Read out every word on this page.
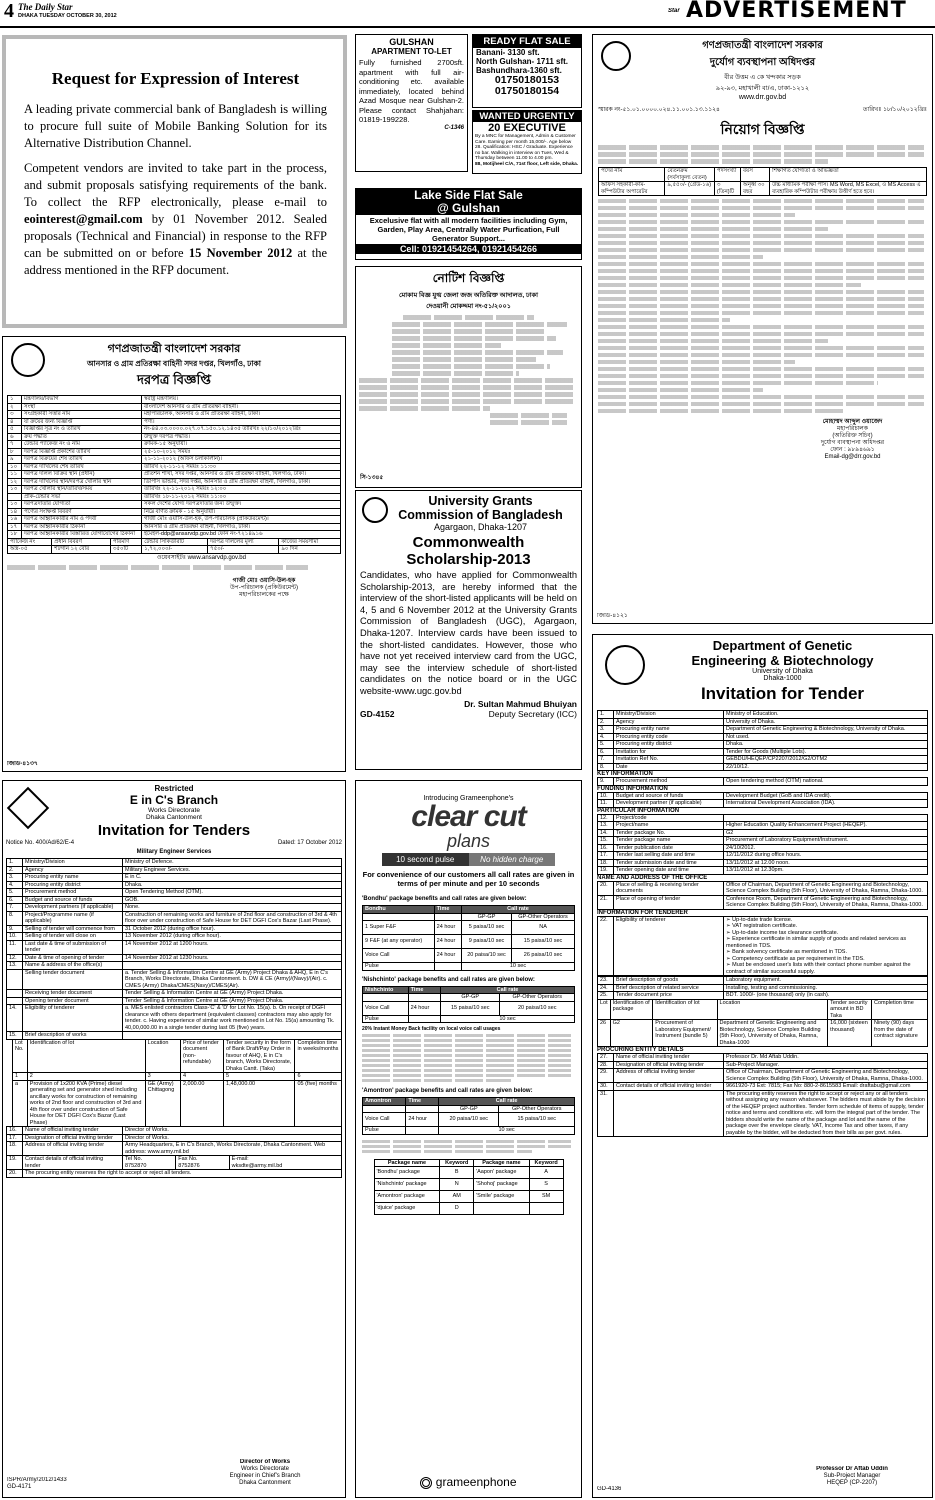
4 The Daily Star
DHAKA TUESDAY OCTOBER 30, 2012
Star ADVERTISEMENT
Request for Expression of Interest

A leading private commercial bank of Bangladesh is willing to procure full suite of Mobile Banking Solution for its Alternative Distribution Channel.

Competent vendors are invited to take part in the process, and submit proposals satisfying requirements of the bank. To collect the RFP electronically, please e-mail to eointerest@gmail.com by 01 November 2012. Sealed proposals (Technical and Financial) in response to the RFP can be submitted on or before 15 November 2012 at the address mentioned in the RFP document.

GULSHAN
APARTMENT TO-LET
Fully furnished 2700sft. apartment with full air-conditioning etc. available immediately, located behind Azad Mosque near Gulshan-2. Please contact Shahjahan: 01819-199228.
C-1346
READY FLAT SALE
Banani- 3130 sft.
North Gulshan- 1711 sft.
Bashundhara-1360 sft.
01750180153
01750180154
WANTED URGENTLY
20 EXECUTIVE
By a MNC for Management, Admin & Customer Care. Earning per month 15,000/-. Age below 28. Qualification: HSC / Graduate. Experience no bar. Walking in interview on Tues, Wed & Thursday between 11.00 to 4.00 pm.
88, Motijheel C/A, 71st floor, Left side, Dhaka.
Lake Side Flat Sale
@ Gulshan
Excelusive flat with all modern facilities including Gym, Garden, Play Area, Centrally Water Purfication, Full Generator Support...
Cell: 01921454264, 01921454266
নোটিশ বিজ্ঞপ্তি
মোকাম বিজ্ঞ যুগ্ম জেলা জজ অতিরিক্ত আদালত, ঢাকা
দেওয়ানী মোকদ্দমা নং-৫১/২০০১
সি-১৩৪৫
University Grants
Commission of Bangladesh
Agargaon, Dhaka-1207
Commonwealth
Scholarship-2013
Candidates, who have applied for Commonwealth Scholarship-2013, are hereby informed that the interview of the short-listed applicants will be held on 4, 5 and 6 November 2012 at the University Grants Commission of Bangladesh (UGC), Agargaon, Dhaka-1207. Interview cards have been issued to the short-listed candidates. However, those who have not yet received interview card from the UGC, may see the interview schedule of short-listed candidates on the notice board or in the UGC website-www.ugc.gov.bd
Dr. Sultan Mahmud Bhuiyan
GD-4152	Deputy Secretary (ICC)
গণপ্রজাতন্ত্রী বাংলাদেশ সরকার
আনসার ও গ্রাম প্রতিরক্ষা বাহিনী সদর দপ্তর, খিলগাঁও, ঢাকা
দরপত্র বিজ্ঞপ্তি
১	মন্ত্রণালয়/বিভাগ	স্বরাষ্ট্র মন্ত্রণালয়।
২	সংস্থা	বাংলাদেশ আনসার ও গ্রাম প্রতিরক্ষা বাহিনী।
৩	সংগ্রহকারী সত্তার নাম	মহাপরিচালক, আনসার ও গ্রাম প্রতিরক্ষা বাহিনী, ঢাকা।
৪	যা ক্রয়ের জন্য বিজ্ঞপ্তি	পণ্য।
৫	বিজ্ঞপ্তির সূত্র নং ও তারিখ	নং-৪৪.০৩.০০০০.০২৭.০৭.১৫০.১২.১৪৩৫ তারিখঃ ২২/১০/২০১২খ্রিঃ
৬	ক্রয় পদ্ধতি	উন্মুক্ত দরপত্র পদ্ধতি।
৭	টেন্ডার প্যাকেজ নং ও নাম	ক্রমিক-১৫ অনুযায়ী।
৮	দরপত্র বিজ্ঞপ্তি প্রকাশের তারিখ	২৫-১০-২০১২ সময়ঃ
৯	দরপত্র বিক্রয়ের শেষ তারিখ	২১-১১-২০১২ (অফিস চলাকালীন)।
১০	দরপত্র দাখিলের শেষ তারিখ	তারিখ ২২-১১-১২ সময়ঃ ১১:৩০
১১	দরপত্র দলিল বিক্রির স্থান (প্রধান)	প্রতিশন শাখা, সদর দপ্তর, আনসার ও গ্রাম প্রতিরক্ষা বাহিনী, খিলগাঁও, ঢাকা।
১২	দরপত্র দাখিলের স্থান/দরপত্র খোলার স্থান	ডিপিসি ভান্ডার, সদর দপ্তর, আনসার ও গ্রাম প্রতিরক্ষা বাহিনী, খিলগাঁও, ঢাকা।
১৩	দরপত্র খোলার স্থান/তারিখ/সময়	তারিখঃ ২২-১১-২০১২ সময়ঃ ১২:০০
	প্রাক-টেন্ডার সভা	তারিখঃ ১৮-১১-২০১২ সময়ঃ ১১:০০
১৩	দরপত্রদাতার যোগ্যতা	সকল দেশের যোগ্য দরপত্রদাতার জন্য উন্মুক্ত।
১৪	পণ্যের সংক্ষিপ্ত বিবরণ	নিম্নে বর্ণিত ক্রমিক - ১৫ অনুযায়ী।
১৬	দরপত্র আহ্বানকারীর নাম ও পদবী	গাজী মোঃ ওয়াসি-উল-হক, উপ-পরিচালক (প্রকিউরমেন্ট)।
১৭	দরপত্র আহ্বানকারীর ঠিকানা	আনসার ও গ্রাম প্রতিরক্ষা বাহিনী, খিলগাঁও, ঢাকা।
১৮	দরপত্র আহ্বানকারীর বিস্তারিত যোগাযোগের ঠিকানা	ইমেইল-ddp@ansarvdp.gov.bd ফোন নং-৭২১৪৯১৬
প্যাকেজ নং	প্রধান বিবরণ	পরিমাণ	টেন্ডার সিকিউরিটি	দরপত্র দলিলের মূল্য	কাজের সময়সীমা
অস্ত্র-০৫	শটগান ১২ বোর	৩৫০টি	১,৭২,০০০/-	৭৫০/-	৯০ দিন
ওয়েবসাইটঃ www.ansarvdp.gov.bd
গাজী মোঃ ওয়াসি-উল-হক
উপ-পরিচালক (প্রকিউরমেন্ট)
মহাপরিচালকের পক্ষে
জিডি-৪১৩৭
Restricted
E in C's Branch
Works Directorate
Dhaka Cantonment
Invitation for Tenders
Notice No. 400/Ad/62/E-4	Dated: 17 October 2012
Military Engineer Services
1.	Ministry/Division	Ministry of Defence.
2.	Agency	Military Engineer Services.
3.	Procuring entity name	E in C.
4.	Procuring entity district	Dhaka.
5.	Procurement method	Open Tendering Method (OTM).
6.	Budget and source of funds	GOB.
7.	Development partners (if applicable)	None.
8.	Project/Programme name (if applicable)	Construction of remaining works and furniture of 2nd floor and construction of 3rd & 4th floor over under construction of Safe House for DET DGFI Cox's Bazar (Last Phase).
9.	Selling of tender will commence from	31 October 2012 (during office hour).
10.	Selling of tender will close on	13 November 2012 (during office hour).
11.	Last date & time of submission of tender	14 November 2012 at 1200 hours.
12.	Date & time of opening of tender	14 November 2012 at 1230 hours.
13.	Name & address of the office(s)	
	Selling tender document	a. Tender Selling & Information Centre at GE (Army) Project Dhaka & AHQ, E in C's Branch, Works Directorate, Dhaka Cantonment. b. DW & CE (Army)/(Navy)/(Air). c. CMES (Army) Dhaka/CMES(Navy)/CMES(Air).
	Receiving tender document	Tender Selling & Information Centre at GE (Army) Project Dhaka.
	Opening tender document	Tender Selling & Information Centre at GE (Army) Project Dhaka.
14.	Eligibility of tenderer	a. MES enlisted contractors Class-'C' & 'D' for Lot No. 15(a). b. On receipt of DGFI clearance with others department (equivalent classes) contractors may also apply for tender. c. Having experience of similar work mentioned in Lot No. 15(a) amounting Tk. 40,00,000.00 in a single tender during last 05 (five) years.
15.	Brief description of works	
Lot No.	Identification of lot	Location	Price of tender document (non-refundable)	Tender security in the form of Bank Draft/Pay Order in favour of AHQ, E in C's branch, Works Directorate, Dhaka Cantt. (Taka)	Completion time in weeks/months
1	2	3	4	5	6
a	Provision of 1x200 KVA (Prime) diesel generating set and generator shed including ancillary works for construction of remaining works of 2nd floor and construction of 3rd and 4th floor over under construction of Safe House for DET DGFI Cox's Bazar (Last Phase)	GE (Army) Chittagong	2,000.00	1,48,000.00	05 (five) months
16.	Name of official inviting tender	Director of Works.
17.	Designation of official inviting tender	Director of Works.
18.	Address of official inviting tender	Army Headquarters, E in C's Branch, Works Directorate, Dhaka Cantonment. Web address: www.army.mil.bd
19.	Contact details of official inviting tender	Tel No.
8752870	Fax No.
8752876	E-mail:
wksdte@army.mil.bd
20.	The procuring entity reserves the right to accept or reject all tenders.			
Director of Works
Works Directorate
Engineer in Chief's Branch
Dhaka Cantonment
ISPR/Army/2012/1433
GD-4171
Introducing Grameenphone's
clear cut
plans
10 second pulse	No hidden charge
For convenience of our customers all call rates are given in terms of per minute and per 10 seconds
'Bondhu' package benefits and call rates are given below:
Bondhu	Time	Call rate	
		GP-GP	GP-Other Operators
1 Super F&F	24 hour	5 paisa/10 sec	NA
9 F&F (at any operator)	24 hour	9 paisa/10 sec	15 paisa/10 sec
Voice Call	24 hour	20 paisa/10 sec	26 paisa/10 sec
Pulse		10 sec	
'Nishchinto' package benefits and call rates are given below:
Nishchinto	Time	Call rate	
		GP-GP	GP-Other Operators
Voice Call	24 hour	15 paisa/10 sec	20 paisa/10 sec
Pulse		10 sec	
20% Instant Money Back facility on local voice call usages
'Amontron' package benefits and call rates are given below:
Amontron	Time	Call rate	
		GP-GP	GP-Other Operators
Voice Call	24 hour	20 paisa/10 sec	15 paisa/10 sec
Pulse		10 sec	
Package name	Keyword	Package name	Keyword
'Bondhu' package	B	'Aapon' package	A
'Nishchinto' package	N	'Shohoj' package	S
'Amontron' package	AM	'Smile' package	SM
'djuice' package	D		
grameenphone
গণপ্রজাতন্ত্রী বাংলাদেশ সরকার
দুর্যোগ ব্যবস্থাপনা অধিদপ্তর
বীর উত্তম এ কে খন্দকার সড়ক
৯২-৯৩, মহাখালী বা/এ, ঢাকা-১২১২
www.drr.gov.bd
স্মারক নং-৫১.০১.০০০০.০২৪.১১.০০১.১৩.১১২৪	তারিখঃ ১৮/১০/২০১২খ্রিঃ
নিয়োগ বিজ্ঞপ্তি
পদের নাম	বেতনক্রম (সর্বসাকুল্য বেতন)	পদসংখ্যা	বয়স	শিক্ষাগত যোগ্যতা ও অভিজ্ঞতা
অফিস সহকারী-কাম-কম্পিউটার অপারেটর	৯,৫৫০/- (গ্রেড-১৬)	৩ (তিন)টি	অনূর্ধ্ব ৩০ বছর	উচ্চ মাধ্যমিক পরীক্ষা পাস। MS Word, MS Excel, ও MS Access এ ব্যবহারিক কম্পিউটার পরীক্ষায় উত্তীর্ণ হতে হবে।
মোহাম্মদ আব্দুল ওয়াজেদ
মহাপরিচালক
(অতিরিক্ত সচিব)
দুর্যোগ ব্যবস্থাপনা অধিদপ্তর
ফোন : ৯৮৯৪৬৯১
Email-dg@drr.gov.bd
জিডি-৪১২১
Department of Genetic
Engineering & Biotechnology
University of Dhaka
Dhaka-1000
Invitation for Tender
1.	Ministry/Division	Ministry of Education.
2.	Agency	University of Dhaka.
3.	Procuring entity name	Department of Genetic Engineering & Biotechnology, University of Dhaka.
4.	Procuring entity code	Not used.
5.	Procuring entity district	Dhaka.
6.	Invitation for	Tender for Goods (Multiple Lots).
7.	Invitation Ref No.	GEBDU/HEQEP/CP2207/2012/G2/OTM2
8.	Date	22/10/12.
KEY INFORMATION
9.	Procurement method	Open tendering method (OTM) national.
FUNDING INFORMATION
10.	Budget and source of funds	Development Budget (GoB and IDA credit).
11.	Development partner (if applicable)	International Development Association (IDA).
PARTICULAR INFORMATION
12.	Project/code	
13.	Project/name	Higher Education Quality Enhancement Project (HEQEP).
14.	Tender package No.	G2
15.	Tender package name	Procurement of Laboratory Equipment/Instrument.
16.	Tender publication date	24/10/2012.
17.	Tender last selling date and time	12/11/2012 during office hours.
18.	Tender submission date and time	13/11/2012 at 12.00 noon.
19.	Tender opening date and time	13/11/2012 at 12.30pm.
NAME AND ADDRESS OF THE OFFICE
20.	Place of selling & receiving tender documents	Office of Chairman, Department of Genetic Engineering and Biotechnology, Science Complex Building (5th Floor), University of Dhaka, Ramna, Dhaka-1000.
21.	Place of opening of tender	Conference Room, Department of Genetic Engineering and Biotechnology, Science Complex Building (5th Floor), University of Dhaka, Ramna, Dhaka-1000.
INFORMATION FOR TENDERER
22.	Eligibility of tenderer	➢ Up-to-date trade license.
➢ VAT registration certificate.
➢ Up-to-date income tax clearance certificate.
➢ Experience certificate in similar supply of goods and related services as mentioned in TDS.
➢ Bank solvency certificate as mentioned in TDS.
➢ Competency certificate as per requirement in the TDS.
➢ Must be enclosed user's lists with their contact phone number against the contract of similar successful supply.
23.	Brief description of goods	Laboratory equipment.
24.	Brief description of related service	Installing, testing and commissioning.
25.	Tender document price	BDT. 1000/- (one thousand) only (in cash).
Lot	Identification of package	Identification of lot	Location	Tender security amount in BD Taka	Completion time
26	G2	Procurement of Laboratory Equipment/ Instrument (bundle 5)	Department of Genetic Engineering and Biotechnology, Science Complex Building (5th Floor), University of Dhaka, Ramna, Dhaka-1000	16,000 (sixteen thousand)	Ninety (90) days from the date of contract signature
PROCURING ENTITY DETAILS
27.	Name of official inviting tender	Professor Dr. Md Aftab Uddin.
28.	Designation of official inviting tender	Sub-Project Manager.
29.	Address of official inviting tender	Office of Chairman, Department of Genetic Engineering and Biotechnology, Science Complex Building (5th Floor), University of Dhaka, Ramna, Dhaka-1000.
30.	Contact details of official inviting tender	9661920-73 Ext: 7815; Fax No: 880-2-8615583 Email: draftabu@gmail.com
31.		The procuring entity reserves the right to accept or reject any or all tenders without assigning any reason whatsoever. The bidders must abide by the decision of the HEQEP project authorities. Tender form schedule of items of supply, tender notice and terms and conditions etc. will form the integral part of the tender. The bidders should write the name of the package and lot and the name of the package over the envelope clearly. VAT, Income Tax and other taxes, if any payable by the bidder, will be deducted from their bills as per govt. rules.
Professor Dr Aftab Uddin
Sub-Project Manager
HEQEP (CP-2207)
GD-4136
